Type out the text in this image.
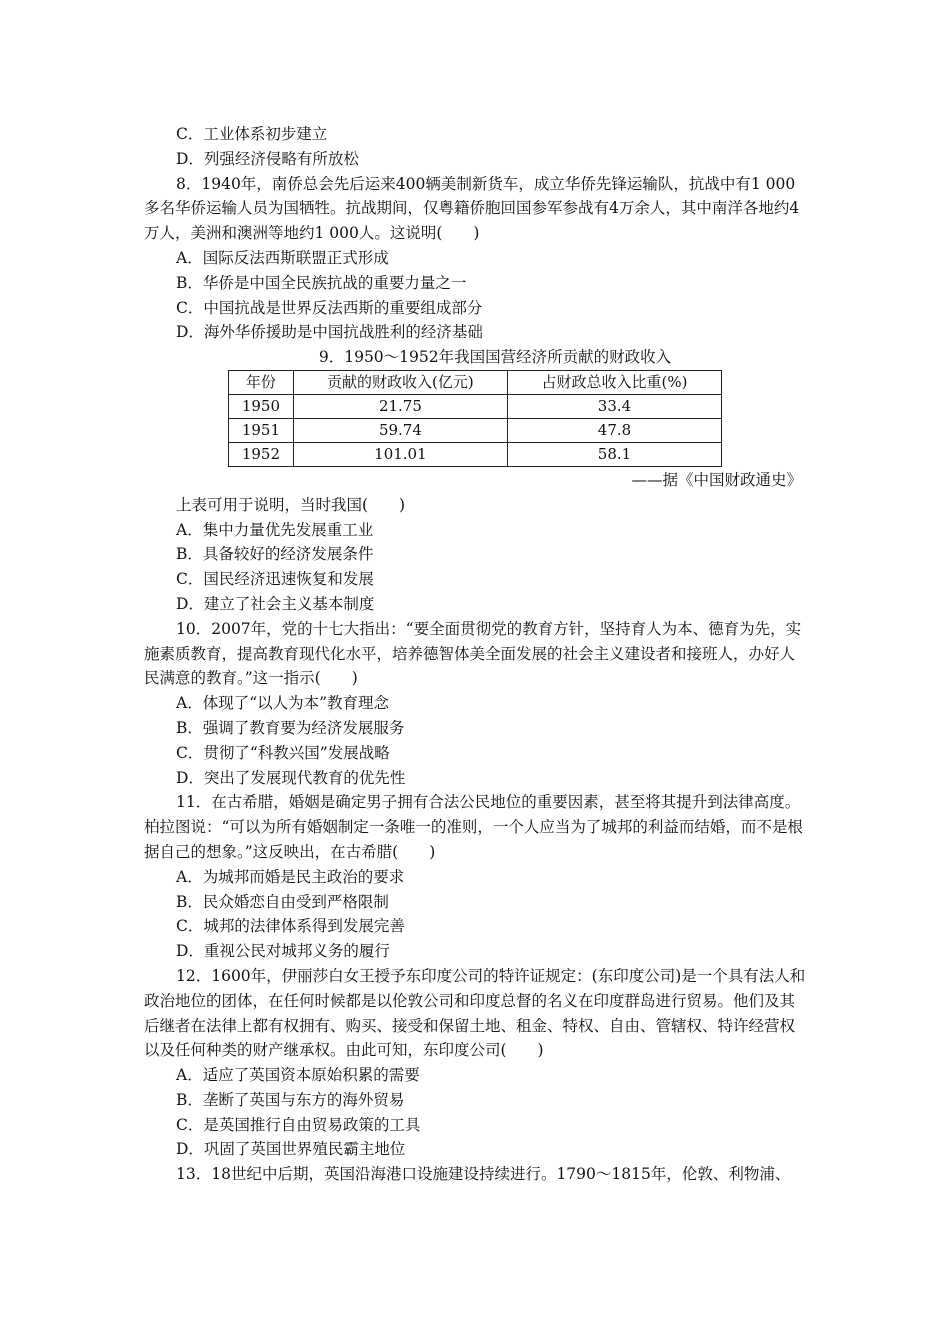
C．工业体系初步建立
D．列强经济侵略有所放松
8．1940年，南侨总会先后运来400辆美制新货车，成立华侨先锋运输队，抗战中有1 000多名华侨运输人员为国牺牲。抗战期间，仅粤籍侨胞回国参军参战有4万余人，其中南洋各地约4万人，美洲和澳洲等地约1 000人。这说明(　　)
A．国际反法西斯联盟正式形成
B．华侨是中国全民族抗战的重要力量之一
C．中国抗战是世界反法西斯的重要组成部分
D．海外华侨援助是中国抗战胜利的经济基础
9．1950～1952年我国国营经济所贡献的财政收入
年份	贡献的财政收入(亿元)	占财政总收入比重(%)
1950	21.75	33.4
1951	59.74	47.8
1952	101.01	58.1
——据《中国财政通史》
上表可用于说明，当时我国(　　)
A．集中力量优先发展重工业
B．具备较好的经济发展条件
C．国民经济迅速恢复和发展
D．建立了社会主义基本制度
10．2007年，党的十七大指出：“要全面贯彻党的教育方针，坚持育人为本、德育为先，实施素质教育，提高教育现代化水平，培养德智体美全面发展的社会主义建设者和接班人，办好人民满意的教育。”这一指示(　　)
A．体现了“以人为本”教育理念
B．强调了教育要为经济发展服务
C．贯彻了“科教兴国”发展战略
D．突出了发展现代教育的优先性
11．在古希腊，婚姻是确定男子拥有合法公民地位的重要因素，甚至将其提升到法律高度。柏拉图说：“可以为所有婚姻制定一条唯一的准则，一个人应当为了城邦的利益而结婚，而不是根据自己的想象。”这反映出，在古希腊(　　)
A．为城邦而婚是民主政治的要求
B．民众婚恋自由受到严格限制
C．城邦的法律体系得到发展完善
D．重视公民对城邦义务的履行
12．1600年，伊丽莎白女王授予东印度公司的特许证规定：(东印度公司)是一个具有法人和政治地位的团体，在任何时候都是以伦敦公司和印度总督的名义在印度群岛进行贸易。他们及其后继者在法律上都有权拥有、购买、接受和保留土地、租金、特权、自由、管辖权、特许经营权以及任何种类的财产继承权。由此可知，东印度公司(　　)
A．适应了英国资本原始积累的需要
B．垄断了英国与东方的海外贸易
C．是英国推行自由贸易政策的工具
D．巩固了英国世界殖民霸主地位
13．18世纪中后期，英国沿海港口设施建设持续进行。1790～1815年，伦敦、利物浦、
